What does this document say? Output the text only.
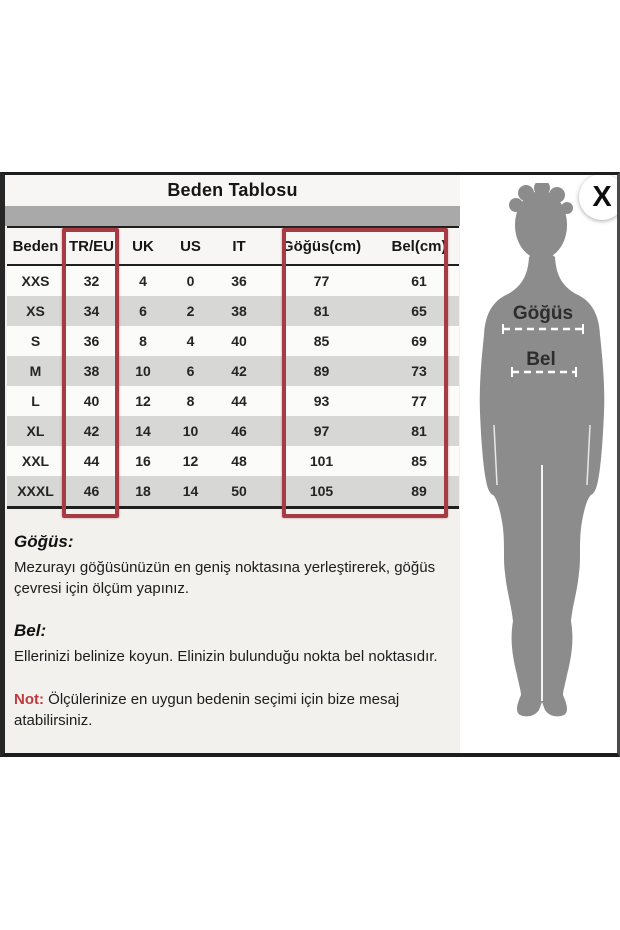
Beden Tablosu
Beden	TR/EU	UK	US	IT	Göğüs(cm)	Bel(cm)
XXS	32	4	0	36	77	61
XS	34	6	2	38	81	65
S	36	8	4	40	85	69
M	38	10	6	42	89	73
L	40	12	8	44	93	77
XL	42	14	10	46	97	81
XXL	44	16	12	48	101	85
XXXL	46	18	14	50	105	89

Göğüs:

Mezurayı göğüsünüzün en geniş noktasına yerleştirerek, göğüs çevresi için ölçüm yapınız.

Bel:

Ellerinizi belinize koyun. Elinizin bulunduğu nokta bel noktasıdır.

Not: Ölçülerinize en uygun bedenin seçimi için bize mesaj atabilirsiniz.

Göğüs
Bel
X
